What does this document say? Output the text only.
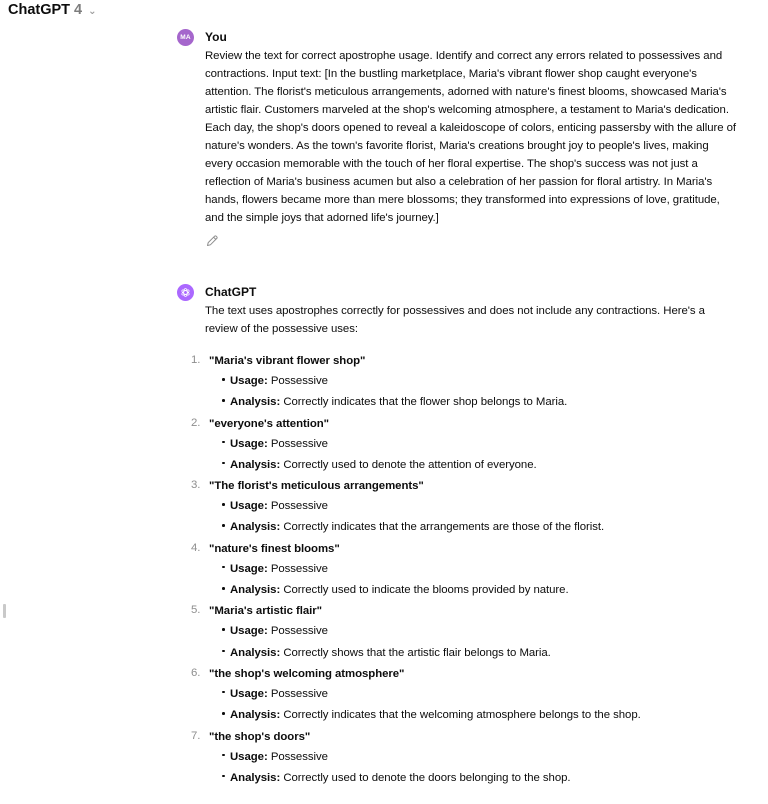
ChatGPT 4 ⌄
MA You
Review the text for correct apostrophe usage. Identify and correct any errors related to possessives and contractions. Input text: [In the bustling marketplace, Maria's vibrant flower shop caught everyone's attention. The florist's meticulous arrangements, adorned with nature's finest blooms, showcased Maria's artistic flair. Customers marveled at the shop's welcoming atmosphere, a testament to Maria's dedication. Each day, the shop's doors opened to reveal a kaleidoscope of colors, enticing passersby with the allure of nature's wonders. As the town's favorite florist, Maria's creations brought joy to people's lives, making every occasion memorable with the touch of her floral expertise. The shop's success was not just a reflection of Maria's business acumen but also a celebration of her passion for floral artistry. In Maria's hands, flowers became more than mere blossoms; they transformed into expressions of love, gratitude, and the simple joys that adorned life's journey.]
ChatGPT
The text uses apostrophes correctly for possessives and does not include any contractions. Here's a review of the possessive uses:
1. "Maria's vibrant flower shop"
Usage: Possessive
Analysis: Correctly indicates that the flower shop belongs to Maria.
2. "everyone's attention"
Usage: Possessive
Analysis: Correctly used to denote the attention of everyone.
3. "The florist's meticulous arrangements"
Usage: Possessive
Analysis: Correctly indicates that the arrangements are those of the florist.
4. "nature's finest blooms"
Usage: Possessive
Analysis: Correctly used to indicate the blooms provided by nature.
5. "Maria's artistic flair"
Usage: Possessive
Analysis: Correctly shows that the artistic flair belongs to Maria.
6. "the shop's welcoming atmosphere"
Usage: Possessive
Analysis: Correctly indicates that the welcoming atmosphere belongs to the shop.
7. "the shop's doors"
Usage: Possessive
Analysis: Correctly used to denote the doors belonging to the shop.
